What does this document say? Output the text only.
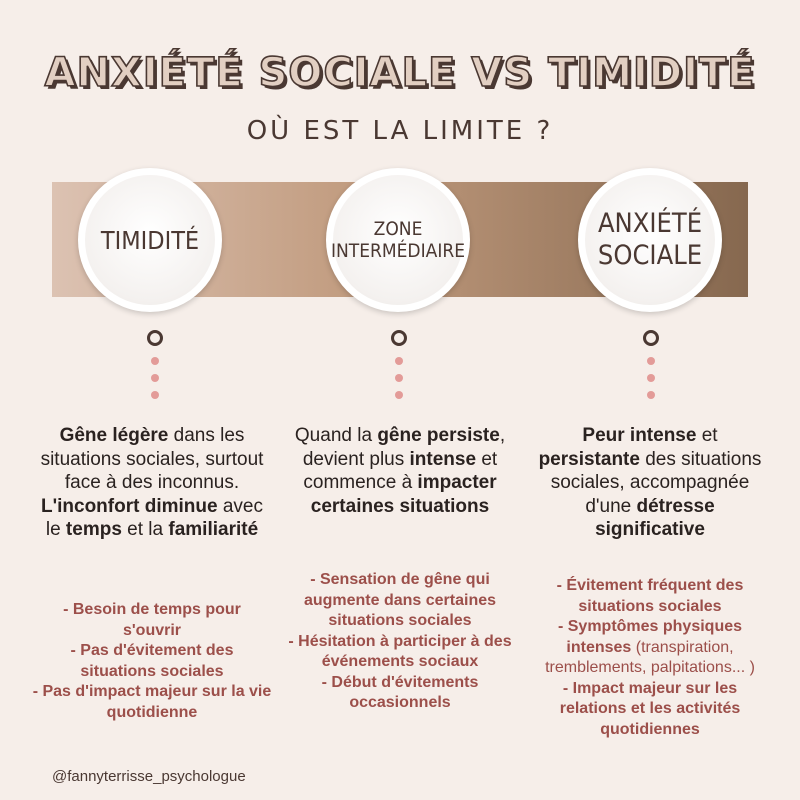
ANXIÉTÉ SOCIALE VS TIMIDITÉ
OÙ EST LA LIMITE ?
TIMIDITÉ	ZONE
INTERMÉDIAIRE
ANXIÉTÉ
SOCIALE
Gêne légère dans les situations sociales, surtout face à des inconnus. L'inconfort diminue avec le temps et la familiarité
Quand la gêne persiste, devient plus intense et commence à impacter certaines situations
Peur intense et persistante des situations sociales, accompagnée d'une détresse significative
- Besoin de temps pour s'ouvrir
- Pas d'évitement des situations sociales
- Pas d'impact majeur sur la vie quotidienne
- Sensation de gêne qui augmente dans certaines situations sociales
- Hésitation à participer à des événements sociaux
- Début d'évitements occasionnels
- Évitement fréquent des situations sociales
- Symptômes physiques intenses (transpiration, tremblements, palpitations... )
- Impact majeur sur les relations et les activités quotidiennes
@fannyterrisse_psychologue
